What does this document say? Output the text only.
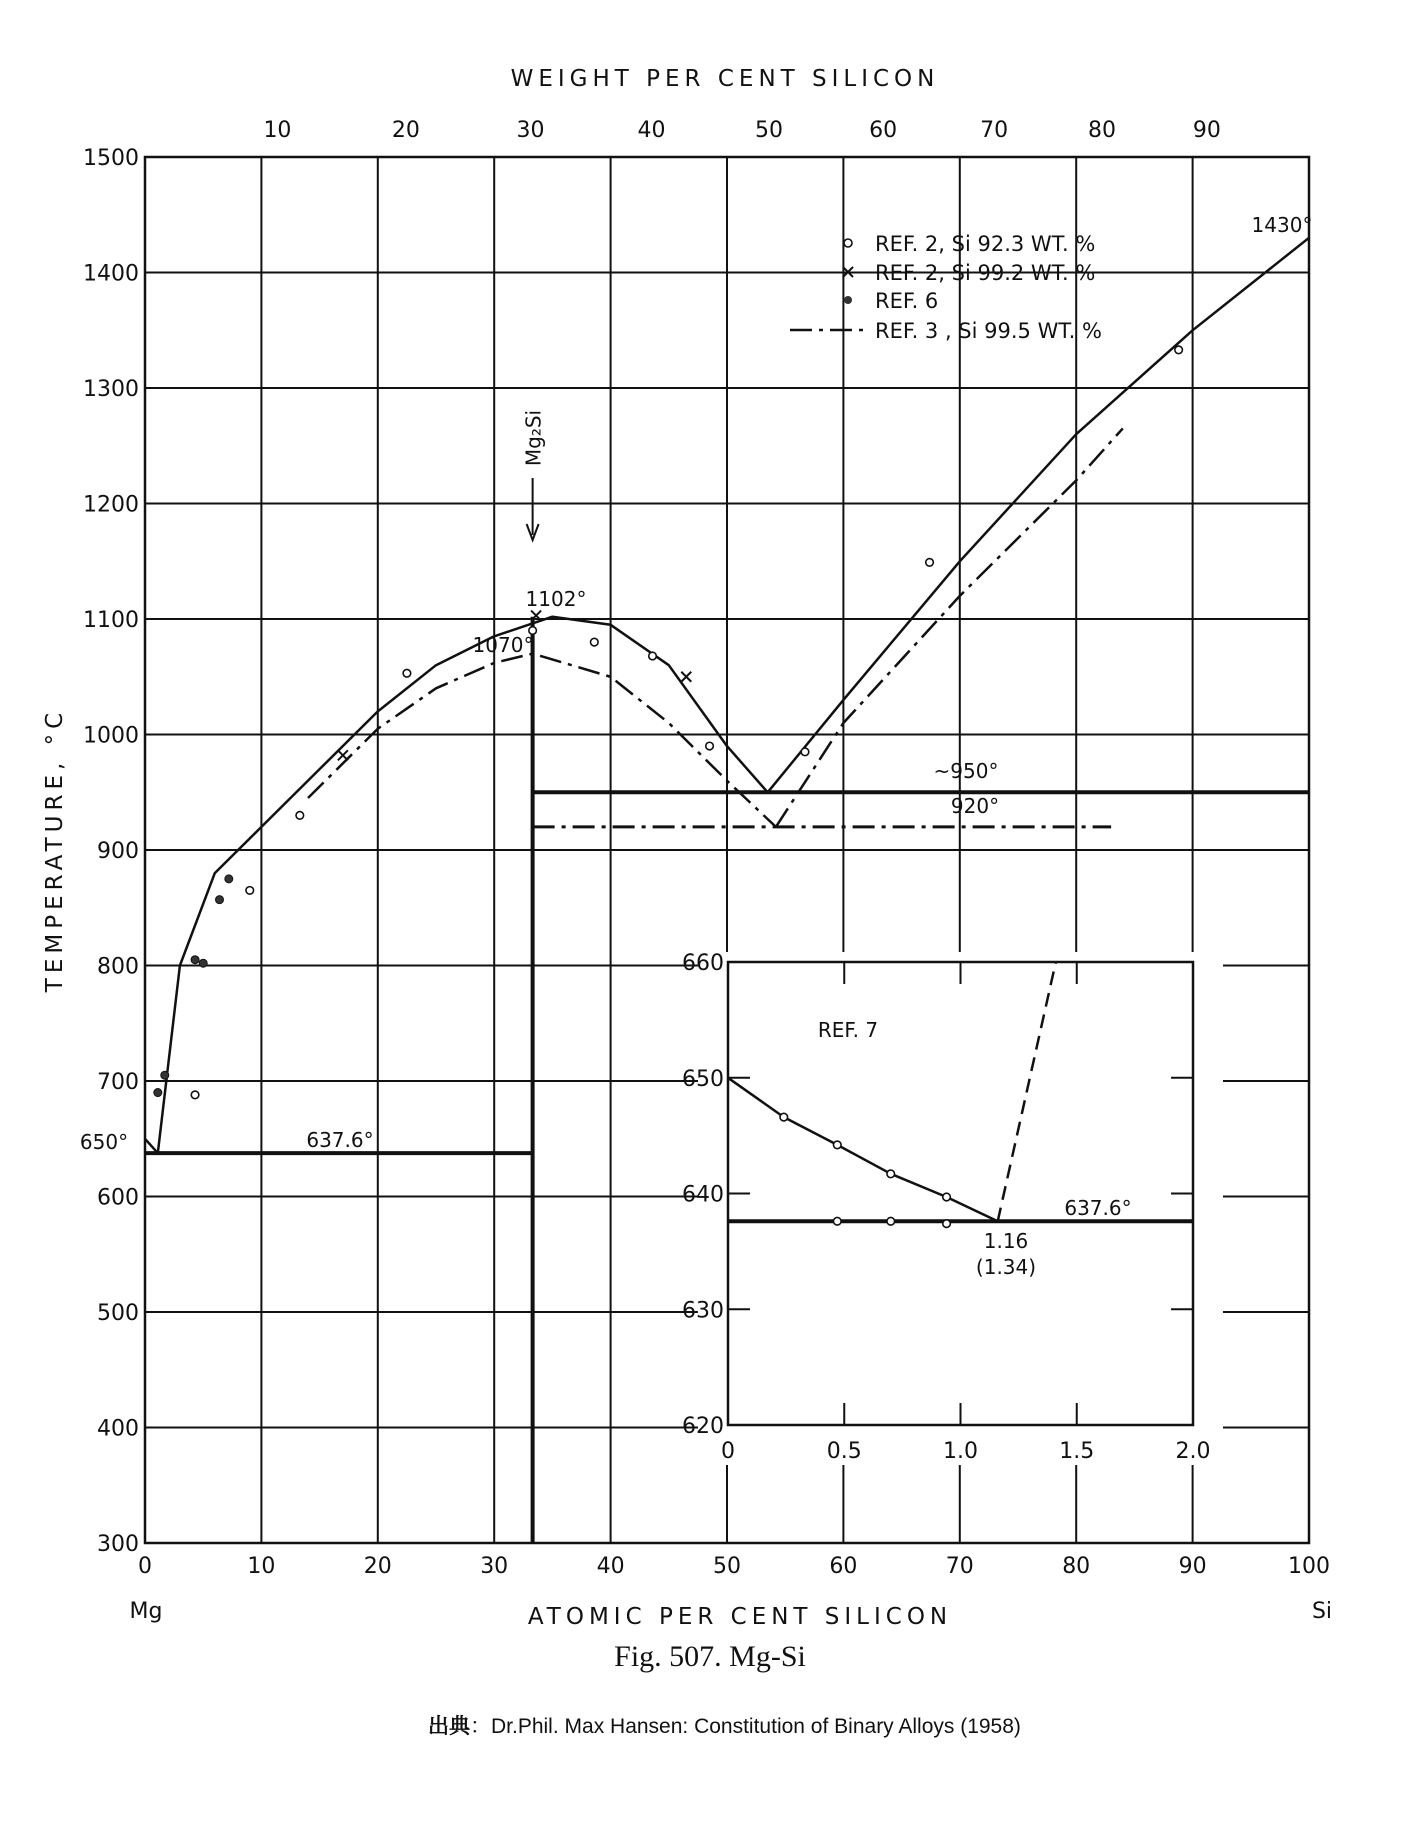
0	10	20	30	40	50	60	70	80	90	100
300
400
500
600
700
800
900
1000
1100
1200
1300
1400
1500
10	20	30	40	50	60	70	80	90
0	0.5	1.0	1.5	2.0
620
630
640
650
660
WEIGHT PER CENT SILICON
ATOMIC PER CENT SILICON
TEMPERATURE, °C
Mg	Si
REF. 2, Si 92.3 WT. %
REF. 2, Si 99.2 WT. %
REF. 6
REF. 3 , Si 99.5 WT. %
Mg₂Si
1102°
1070°
1430°
650°	637.6°
~950°
920°
REF. 7
637.6°
1.16
(1.34)
Fig. 507. Mg-Si
出典 ：Dr.Phil. Max Hansen: Constitution of Binary Alloys (1958)
